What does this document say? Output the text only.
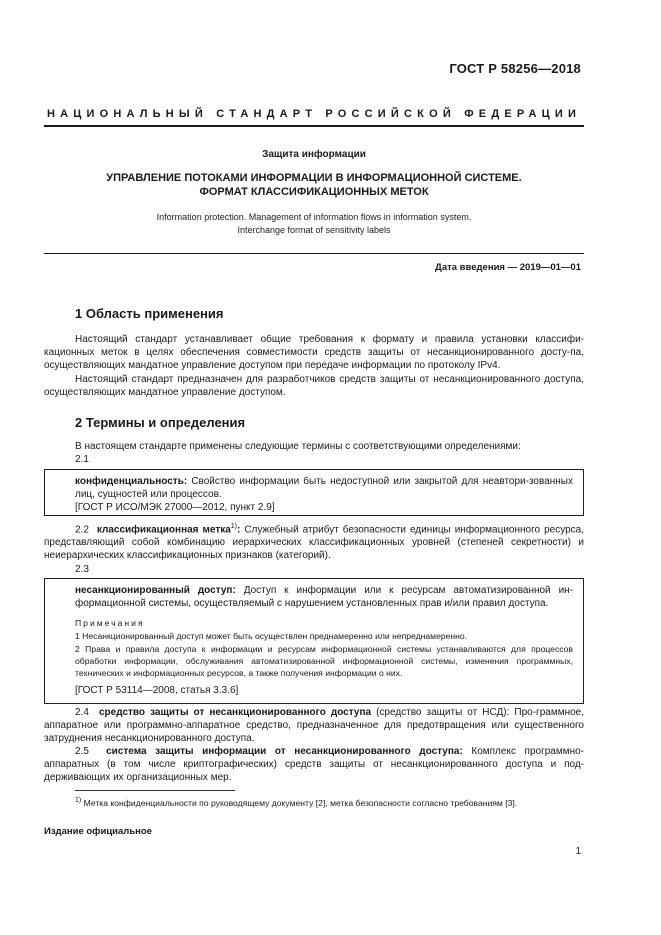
ГОСТ Р 58256—2018
НАЦИОНАЛЬНЫЙ СТАНДАРТ РОССИЙСКОЙ ФЕДЕРАЦИИ
Защита информации
УПРАВЛЕНИЕ ПОТОКАМИ ИНФОРМАЦИИ В ИНФОРМАЦИОННОЙ СИСТЕМЕ.
ФОРМАТ КЛАССИФИКАЦИОННЫХ МЕТОК
Information protection. Management of information flows in information system.
Interchange format of sensitivity labels
Дата введения — 2019—01—01
1 Область применения
Настоящий стандарт устанавливает общие требования к формату и правила установки классифи-кационных меток в целях обеспечения совместимости средств защиты от несанкционированного досту-па, осуществляющих мандатное управление доступом при передаче информации по протоколу IPv4.
Настоящий стандарт предназначен для разработчиков средств защиты от несанкционированного доступа, осуществляющих мандатное управление доступом.
2 Термины и определения
В настоящем стандарте применены следующие термины с соответствующими определениями:
2.1
конфиденциальность: Свойство информации быть недоступной или закрытой для неавтори-зованных лиц, сущностей или процессов.
[ГОСТ Р ИСО/МЭК 27000—2012, пункт 2.9]
2.2 классификационная метка$^{1)}$: Служебный атрибут безопасности единицы информационного ресурса, представляющий собой комбинацию иерархических классификационных уровней (степеней секретности) и неиерархических классификационных признаков (категорий).
2.3
несанкционированный доступ: Доступ к информации или к ресурсам автоматизированной ин-формационной системы, осуществляемый с нарушением установленных прав и/или правил доступа.
Примечания
1 Несанкционированный доступ может быть осуществлен преднамеренно или непреднамеренно.
2 Права и правила доступа к информации и ресурсам информационной системы устанавливаются для процессов обработки информации, обслуживания автоматизированной информационной системы, изменения программных, технических и информационных ресурсов, а также получения информации о них.
[ГОСТ Р 53114—2008, статья 3.3.6]
2.4 средство защиты от несанкционированного доступа (средство защиты от НСД): Про-граммное, аппаратное или программно-аппаратное средство, предназначенное для предотвращения или существенного затруднения несанкционированного доступа.
2.5 система защиты информации от несанкционированного доступа: Комплекс программно-аппаратных (в том числе криптографических) средств защиты от несанкционированного доступа и под-держивающих их организационных мер.
$^{1)}$ Метка конфиденциальности по руководящему документу [2], метка безопасности согласно требованиям [3].
Издание официальное
1
